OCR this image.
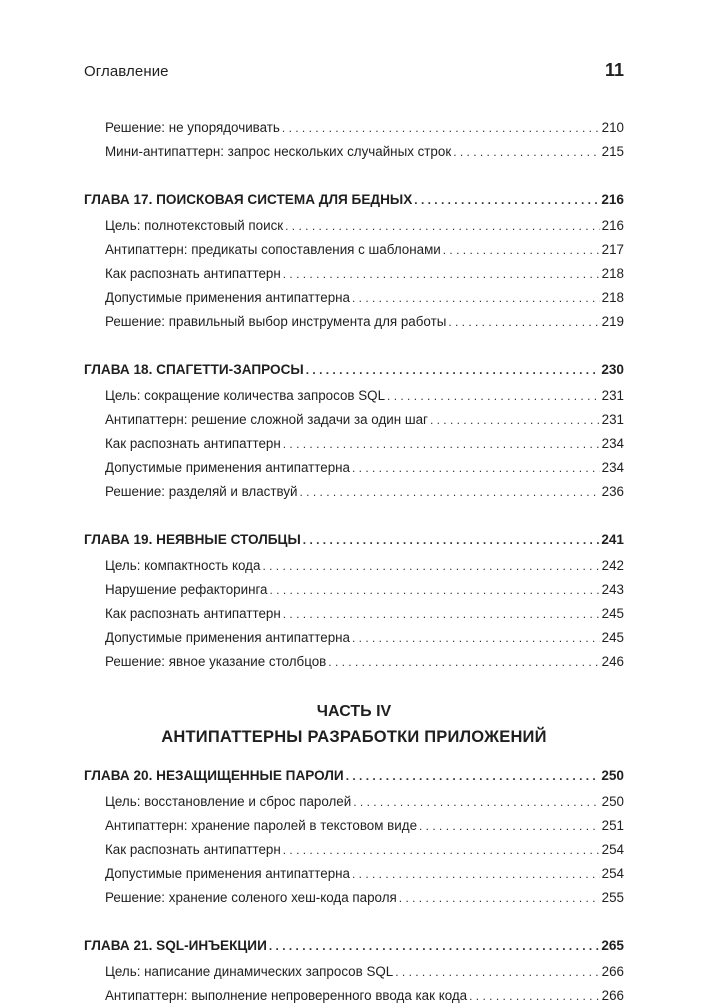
Оглавление	11
Решение: не упорядочивать . . .	210
Мини-антипаттерн: запрос нескольких случайных строк . . .	215
ГЛАВА 17. ПОИСКОВАЯ СИСТЕМА ДЛЯ БЕДНЫХ . . .	216
Цель: полнотекстовый поиск . . .	216
Антипаттерн: предикаты сопоставления с шаблонами . . .	217
Как распознать антипаттерн . . .	218
Допустимые применения антипаттерна . . .	218
Решение: правильный выбор инструмента для работы . . .	219
ГЛАВА 18. СПАГЕТТИ-ЗАПРОСЫ . . .	230
Цель: сокращение количества запросов SQL . . .	231
Антипаттерн: решение сложной задачи за один шаг . . .	231
Как распознать антипаттерн . . .	234
Допустимые применения антипаттерна . . .	234
Решение: разделяй и властвуй . . .	236
ГЛАВА 19. НЕЯВНЫЕ СТОЛБЦЫ . . .	241
Цель: компактность кода . . .	242
Нарушение рефакторинга . . .	243
Как распознать антипаттерн . . .	245
Допустимые применения антипаттерна . . .	245
Решение: явное указание столбцов . . .	246
ЧАСТЬ IV
АНТИПАТТЕРНЫ РАЗРАБОТКИ ПРИЛОЖЕНИЙ
ГЛАВА 20. НЕЗАЩИЩЕННЫЕ ПАРОЛИ . . .	250
Цель: восстановление и сброс паролей . . .	250
Антипаттерн: хранение паролей в текстовом виде . . .	251
Как распознать антипаттерн . . .	254
Допустимые применения антипаттерна . . .	254
Решение: хранение соленого хеш-кода пароля . . .	255
ГЛАВА 21. SQL-ИНЪЕКЦИИ . . .	265
Цель: написание динамических запросов SQL . . .	266
Антипаттерн: выполнение непроверенного ввода как кода . . .	266
